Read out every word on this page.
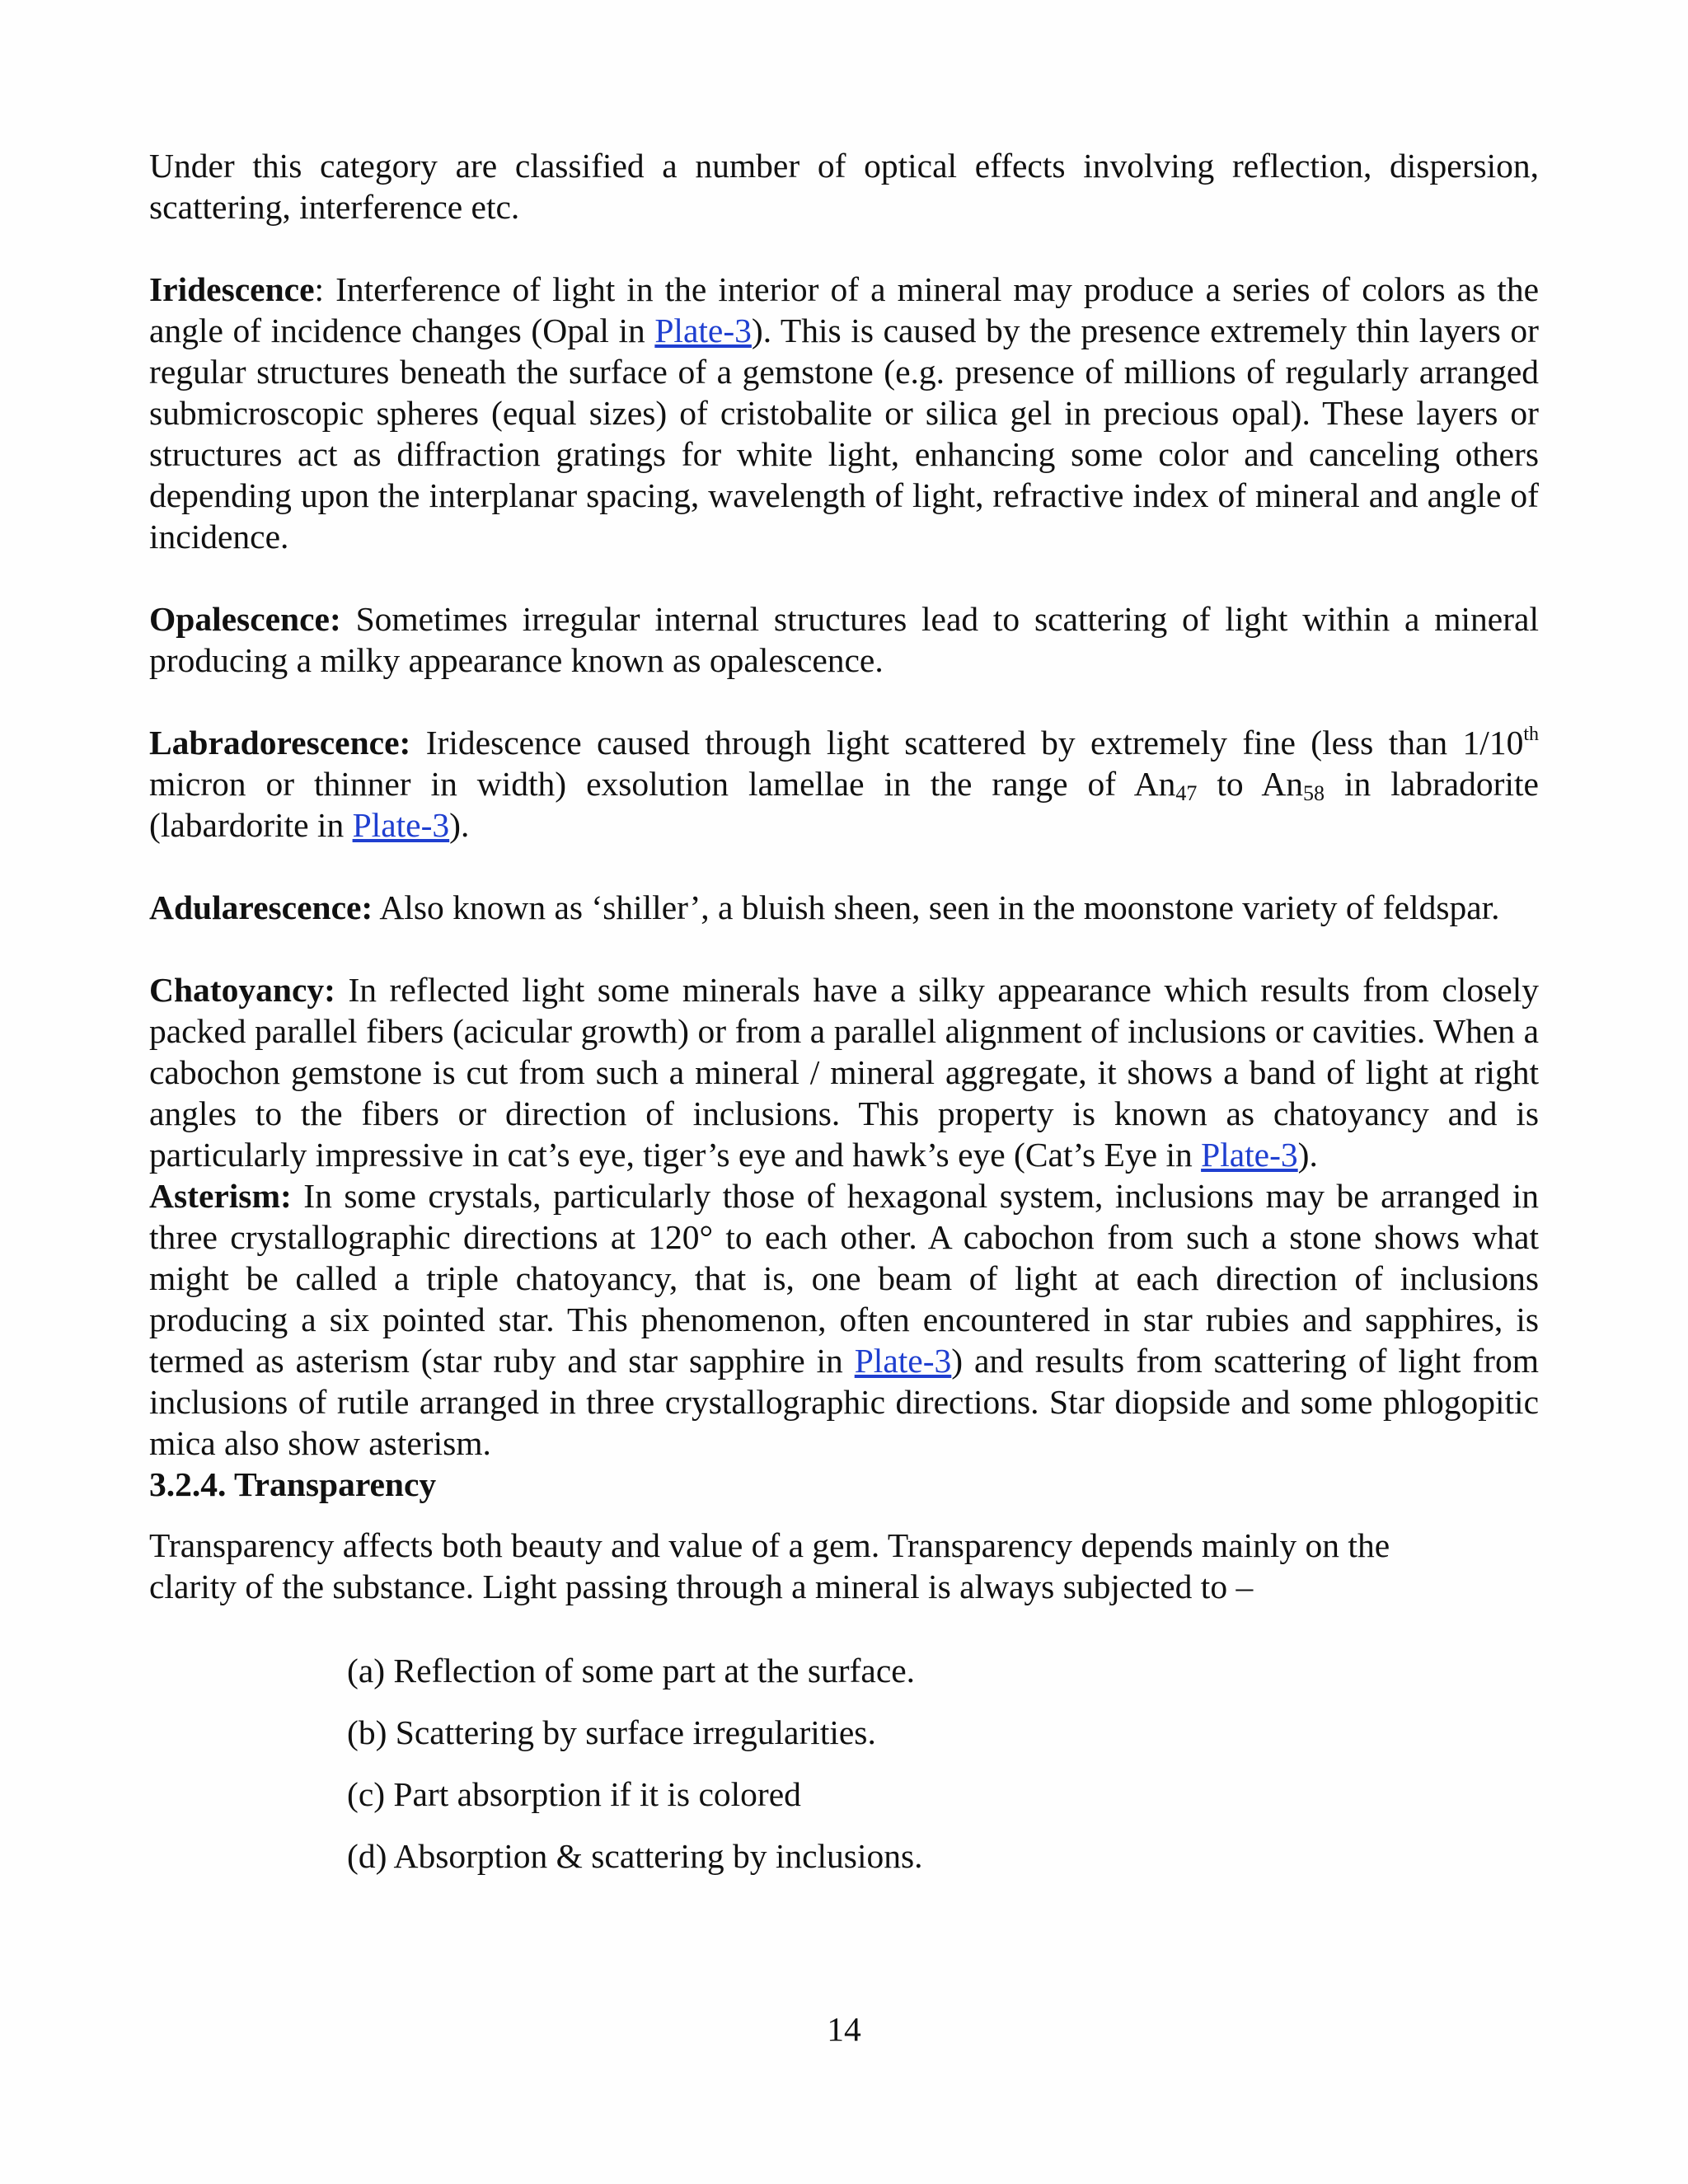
Under this category are classified a number of optical effects involving reflection, dispersion, scattering, interference etc.

Iridescence: Interference of light in the interior of a mineral may produce a series of colors as the angle of incidence changes (Opal in Plate-3). This is caused by the presence extremely thin layers or regular structures beneath the surface of a gemstone (e.g. presence of millions of regularly arranged submicroscopic spheres (equal sizes) of cristobalite or silica gel in precious opal). These layers or structures act as diffraction gratings for white light, enhancing some color and canceling others depending upon the interplanar spacing, wavelength of light, refractive index of mineral and angle of incidence.

Opalescence: Sometimes irregular internal structures lead to scattering of light within a mineral producing a milky appearance known as opalescence.

Labradorescence: Iridescence caused through light scattered by extremely fine (less than 1/10th micron or thinner in width) exsolution lamellae in the range of $An_{47}$ to $An_{58}$ in labradorite (labardorite in Plate-3).

Adularescence: Also known as ‘shiller’, a bluish sheen, seen in the moonstone variety of feldspar.

Chatoyancy: In reflected light some minerals have a silky appearance which results from closely packed parallel fibers (acicular growth) or from a parallel alignment of inclusions or cavities. When a cabochon gemstone is cut from such a mineral / mineral aggregate, it shows a band of light at right angles to the fibers or direction of inclusions. This property is known as chatoyancy and is particularly impressive in cat’s eye, tiger’s eye and hawk’s eye (Cat’s Eye in Plate-3).

Asterism: In some crystals, particularly those of hexagonal system, inclusions may be arranged in three crystallographic directions at 120° to each other. A cabochon from such a stone shows what might be called a triple chatoyancy, that is, one beam of light at each direction of inclusions producing a six pointed star. This phenomenon, often encountered in star rubies and sapphires, is termed as asterism (star ruby and star sapphire in Plate-3) and results from scattering of light from inclusions of rutile arranged in three crystallographic directions. Star diopside and some phlogopitic mica also show asterism.

3.2.4. Transparency

Transparency affects both beauty and value of a gem. Transparency depends mainly on the
clarity of the substance. Light passing through a mineral is always subjected to –

(a) Reflection of some part at the surface.
(b) Scattering by surface irregularities.
(c) Part absorption if it is colored
(d) Absorption & scattering by inclusions.
14
